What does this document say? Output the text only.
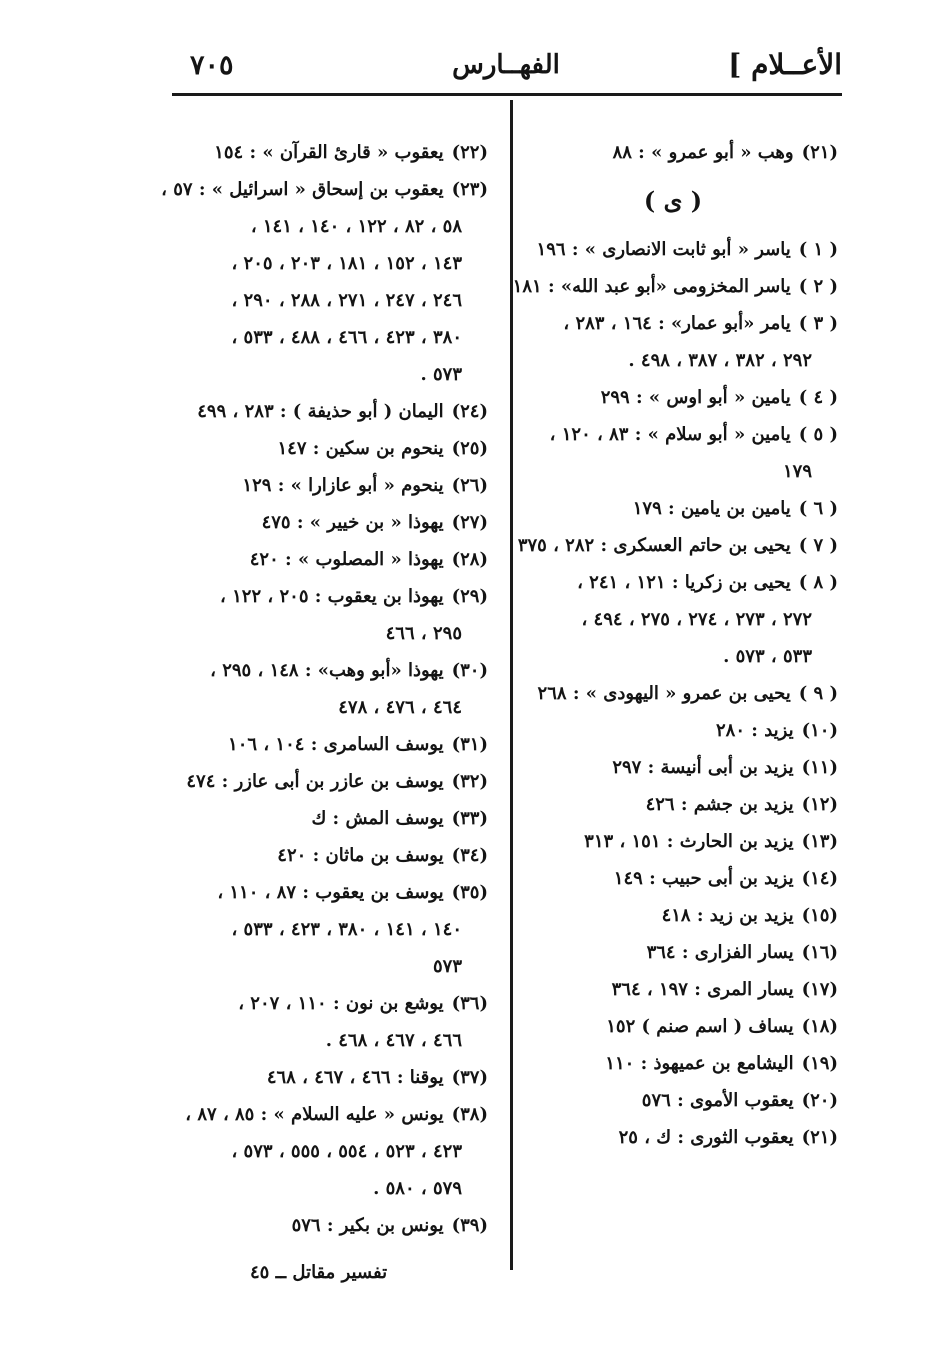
٧٠٥	الفهــارس	الأعــلام ]
(٢١)وهب « أبو عمرو » : ٨٨
( ى )
( ١ )ياسر « أبو ثابت الانصارى » : ١٩٦
( ٢ )ياسر المخزومى «أبو عبد الله» : ١٨١
( ٣ )يامر «أبو عمار» : ١٦٤ ، ٢٨٣ ،
٢٩٢ ، ٣٨٢ ، ٣٨٧ ، ٤٩٨ .
( ٤ )يامين « أبو اوس » : ٢٩٩
( ٥ )يامين « أبو سلام » : ٨٣ ، ١٢٠ ،
١٧٩
( ٦ )يامين بن يامين : ١٧٩
( ٧ )يحيى بن حاتم العسكرى : ٢٨٢ ، ٣٧٥
( ٨ )يحيى بن زكريا : ١٢١ ، ٢٤١ ،
٢٧٢ ، ٢٧٣ ، ٢٧٤ ، ٢٧٥ ، ٤٩٤ ،
٥٣٣ ، ٥٧٣ .
( ٩ )يحيى بن عمرو « اليهودى » : ٢٦٨
(١٠)يزيد : ٢٨٠
(١١)يزيد بن أبى أنيسة : ٢٩٧
(١٢)يزيد بن جشم : ٤٢٦
(١٣)يزيد بن الحارث : ١٥١ ، ٣١٣
(١٤)يزيد بن أبى حبيب : ١٤٩
(١٥)يزيد بن زيد : ٤١٨
(١٦)يسار الفزارى : ٣٦٤
(١٧)يسار المرى : ١٩٧ ، ٣٦٤
(١٨)يساف ( اسم صنم ) ١٥٢
(١٩)اليشامع بن عميهوذ : ١١٠
(٢٠)يعقوب الأموى : ٥٧٦
(٢١)يعقوب الثورى : ك ، ٢٥
(٢٢)يعقوب « قارئ القرآن » : ١٥٤
(٢٣)يعقوب بن إسحاق « اسرائيل » : ٥٧ ،
٥٨ ، ٨٢ ، ١٢٢ ، ١٤٠ ، ١٤١ ،
١٤٣ ، ١٥٢ ، ١٨١ ، ٢٠٣ ، ٢٠٥ ،
٢٤٦ ، ٢٤٧ ، ٢٧١ ، ٢٨٨ ، ٢٩٠ ،
٣٨٠ ، ٤٢٣ ، ٤٦٦ ، ٤٨٨ ، ٥٣٣ ،
٥٧٣ .
(٢٤)اليمان ( أبو حذيفة ) : ٢٨٣ ، ٤٩٩
(٢٥)ينحوم بن سكين : ١٤٧
(٢٦)ينحوم « أبو عازارا » : ١٢٩
(٢٧)يهوذا « بن خيير » : ٤٧٥
(٢٨)يهوذا « المصلوب » : ٤٢٠
(٢٩)يهوذا بن يعقوب : ٢٠٥ ، ١٢٢ ،
٢٩٥ ، ٤٦٦
(٣٠)يهوذا «أبو وهب» : ١٤٨ ، ٢٩٥ ،
٤٦٤ ، ٤٧٦ ، ٤٧٨
(٣١)يوسف السامرى : ١٠٤ ، ١٠٦
(٣٢)يوسف بن عازر بن أبى عازر : ٤٧٤
(٣٣)يوسف المش : ك
(٣٤)يوسف بن ماثان : ٤٢٠
(٣٥)يوسف بن يعقوب : ٨٧ ، ١١٠ ،
١٤٠ ، ١٤١ ، ٣٨٠ ، ٤٢٣ ، ٥٣٣ ،
٥٧٣
(٣٦)يوشع بن نون : ١١٠ ، ٢٠٧ ،
٤٦٦ ، ٤٦٧ ، ٤٦٨ .
(٣٧)يوقنا : ٤٦٦ ، ٤٦٧ ، ٤٦٨
(٣٨)يونس « عليه السلام » : ٨٥ ، ٨٧ ،
٤٢٣ ، ٥٢٣ ، ٥٥٤ ، ٥٥٥ ، ٥٧٣ ،
٥٧٩ ، ٥٨٠ .
(٣٩)يونس بن بكير : ٥٧٦
تفسير مقاتل ــ ٤٥
